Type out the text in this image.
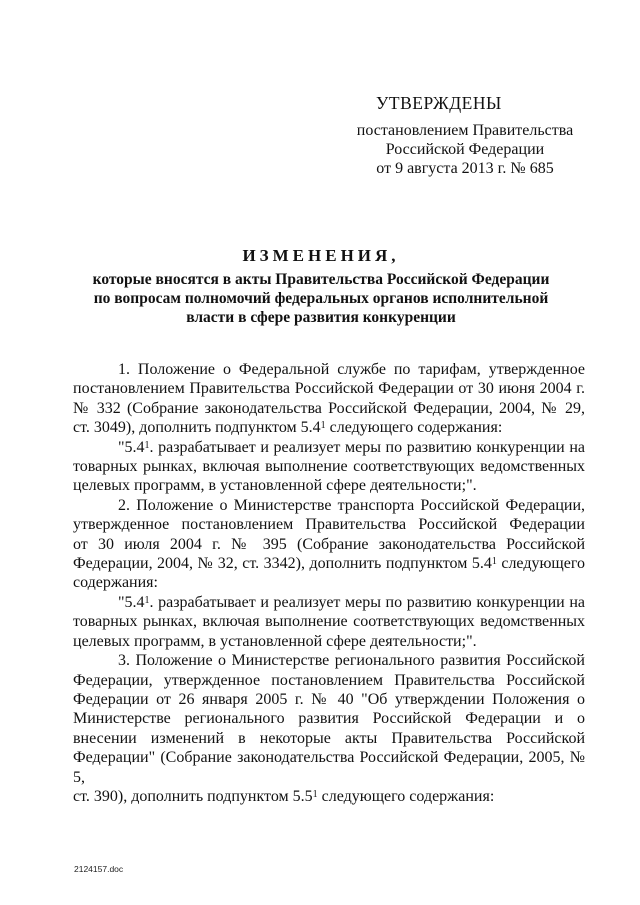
УТВЕРЖДЕНЫ
постановлением Правительства
Российской Федерации
от 9 августа 2013 г. № 685
ИЗМЕНЕНИЯ,
которые вносятся в акты Правительства Российской Федерации
по вопросам полномочий федеральных органов исполнительной
власти в сфере развития конкуренции
1. Положение о Федеральной службе по тарифам, утвержденное
постановлением Правительства Российской Федерации от 30 июня 2004 г.
№ 332 (Собрание законодательства Российской Федерации, 2004, № 29,
ст. 3049), дополнить подпунктом $5.4^1$ следующего содержания:
"$5.4^1$. разрабатывает и реализует меры по развитию конкуренции на
товарных рынках, включая выполнение соответствующих ведомственных
целевых программ, в установленной сфере деятельности;".
2. Положение о Министерстве транспорта Российской Федерации,
утвержденное постановлением Правительства Российской Федерации
от 30 июля 2004 г. № 395 (Собрание законодательства Российской
Федерации, 2004, № 32, ст. 3342), дополнить подпунктом $5.4^1$ следующего
содержания:
"$5.4^1$. разрабатывает и реализует меры по развитию конкуренции на
товарных рынках, включая выполнение соответствующих ведомственных
целевых программ, в установленной сфере деятельности;".
3. Положение о Министерстве регионального развития Российской
Федерации, утвержденное постановлением Правительства Российской
Федерации от 26 января 2005 г. № 40 "Об утверждении Положения о
Министерстве регионального развития Российской Федерации и о
внесении изменений в некоторые акты Правительства Российской
Федерации" (Собрание законодательства Российской Федерации, 2005, № 5,
ст. 390), дополнить подпунктом $5.5^1$ следующего содержания:
2124157.doc
